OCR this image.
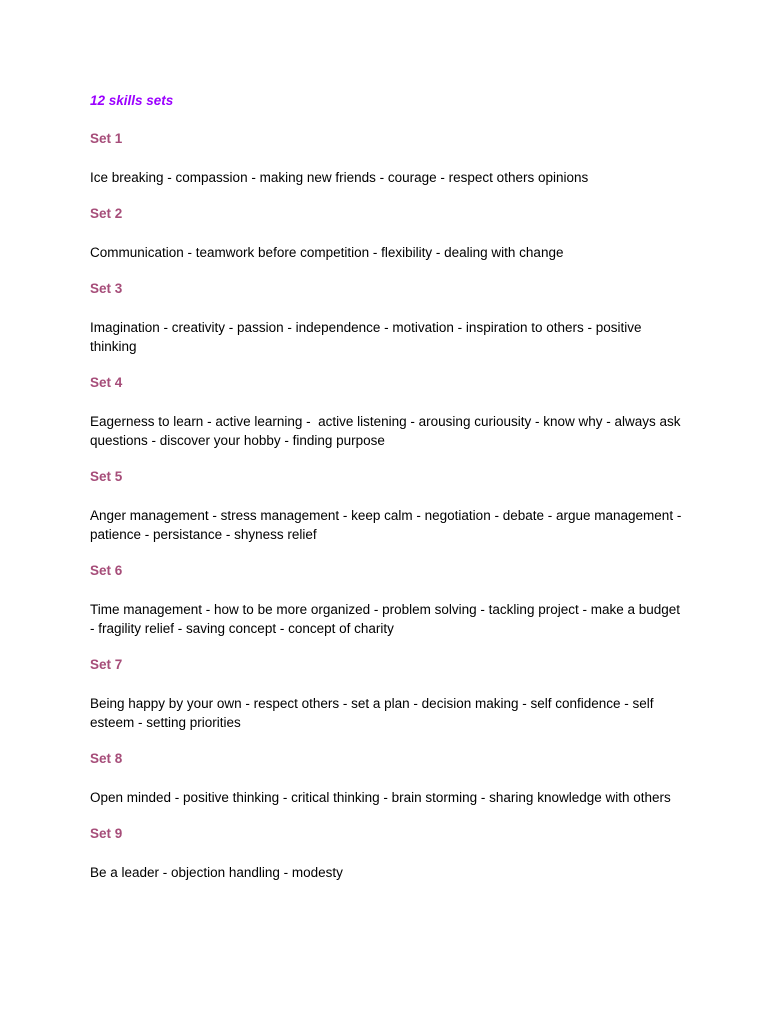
12 skills sets
Set 1
Ice breaking - compassion - making new friends - courage - respect others opinions
Set 2
Communication - teamwork before competition - flexibility - dealing with change
Set 3
Imagination - creativity - passion - independence - motivation - inspiration to others - positive thinking
Set 4
Eagerness to learn - active learning -  active listening - arousing curiousity - know why - always ask questions - discover your hobby - finding purpose
Set 5
Anger management - stress management - keep calm - negotiation - debate - argue management - patience - persistance - shyness relief
Set 6
Time management - how to be more organized - problem solving - tackling project - make a budget - fragility relief - saving concept - concept of charity
Set 7
Being happy by your own - respect others - set a plan - decision making - self confidence - self esteem - setting priorities
Set 8
Open minded - positive thinking - critical thinking - brain storming - sharing knowledge with others
Set 9
Be a leader - objection handling - modesty
